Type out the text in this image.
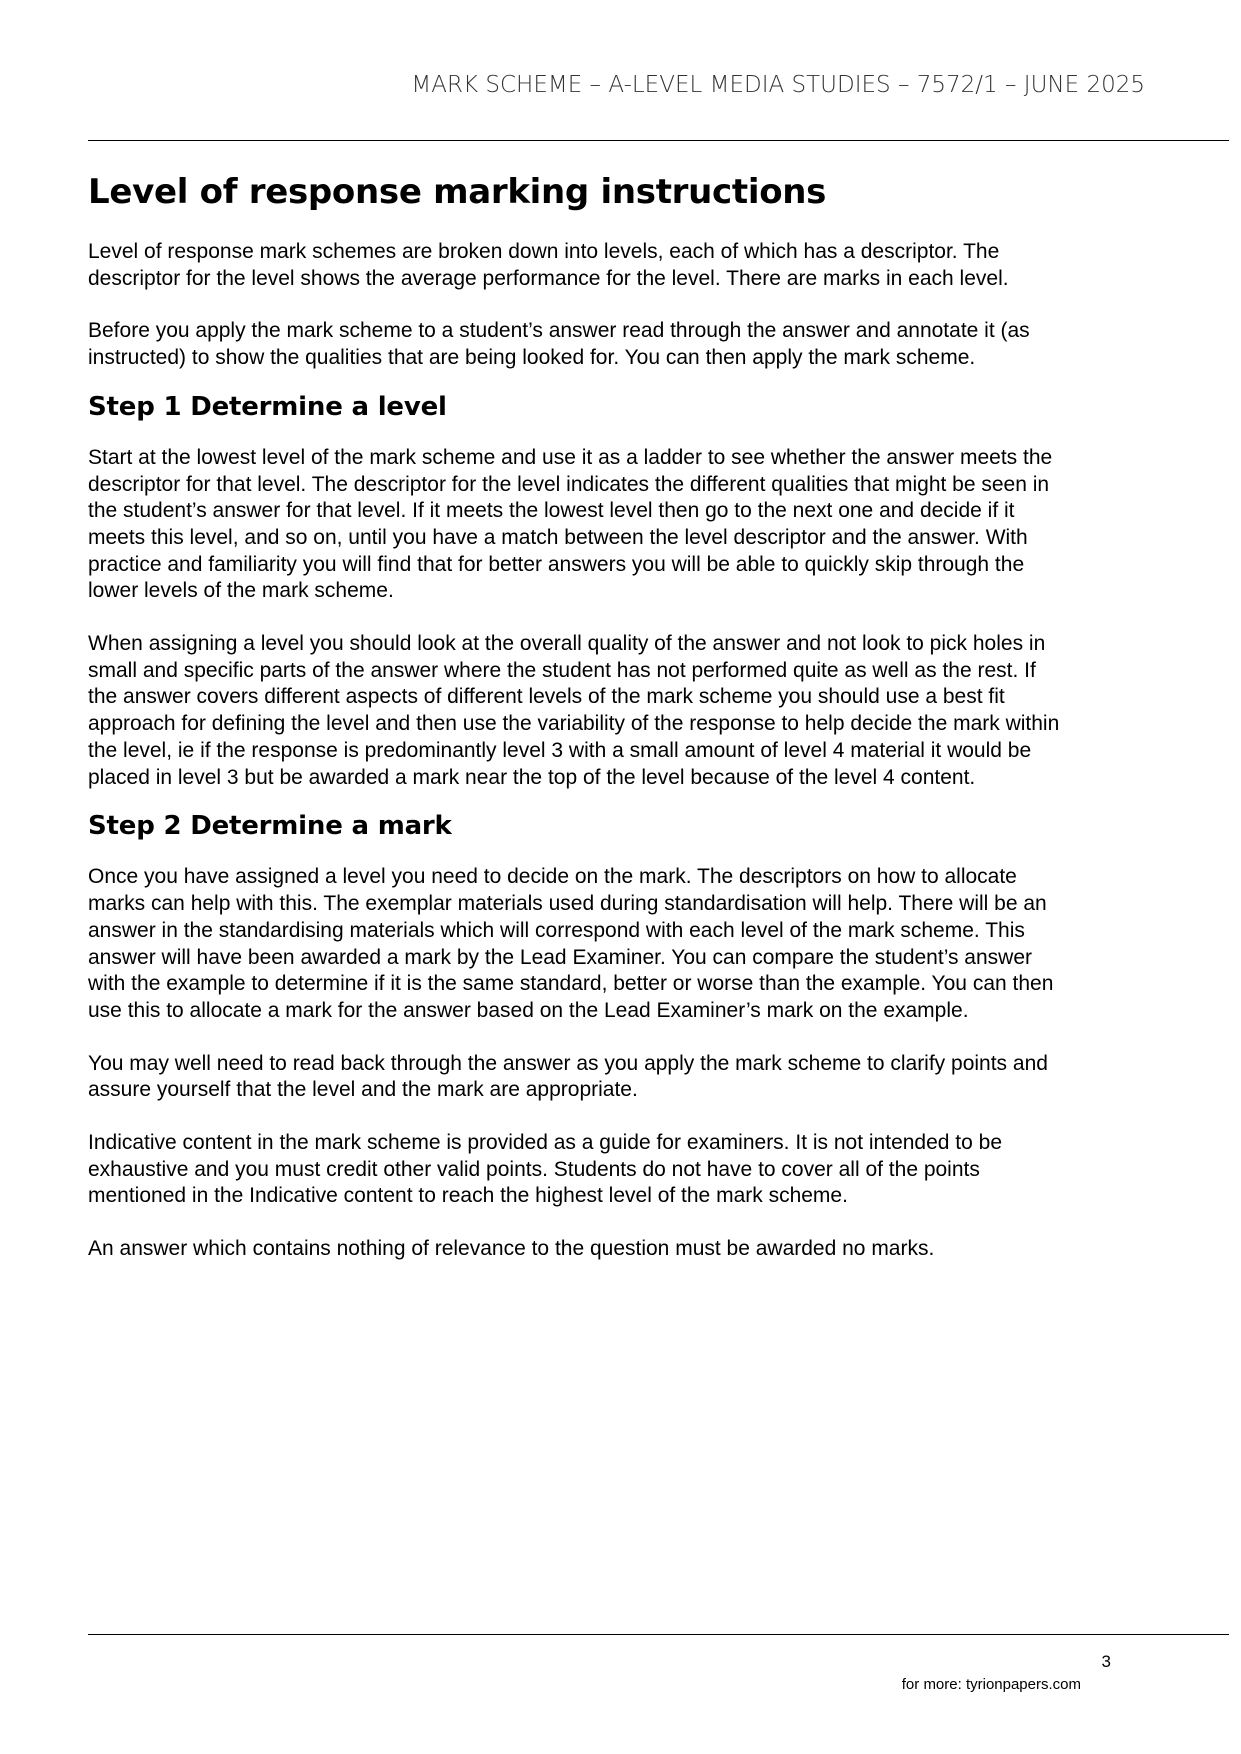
MARK SCHEME – A-LEVEL MEDIA STUDIES – 7572/1 – JUNE 2025
Level of response marking instructions

Level of response mark schemes are broken down into levels, each of which has a descriptor. The
descriptor for the level shows the average performance for the level. There are marks in each level.

Before you apply the mark scheme to a student’s answer read through the answer and annotate it (as
instructed) to show the qualities that are being looked for. You can then apply the mark scheme.

Step 1 Determine a level

Start at the lowest level of the mark scheme and use it as a ladder to see whether the answer meets the
descriptor for that level. The descriptor for the level indicates the different qualities that might be seen in
the student’s answer for that level. If it meets the lowest level then go to the next one and decide if it
meets this level, and so on, until you have a match between the level descriptor and the answer. With
practice and familiarity you will find that for better answers you will be able to quickly skip through the
lower levels of the mark scheme.

When assigning a level you should look at the overall quality of the answer and not look to pick holes in
small and specific parts of the answer where the student has not performed quite as well as the rest. If
the answer covers different aspects of different levels of the mark scheme you should use a best fit
approach for defining the level and then use the variability of the response to help decide the mark within
the level, ie if the response is predominantly level 3 with a small amount of level 4 material it would be
placed in level 3 but be awarded a mark near the top of the level because of the level 4 content.

Step 2 Determine a mark

Once you have assigned a level you need to decide on the mark. The descriptors on how to allocate
marks can help with this. The exemplar materials used during standardisation will help. There will be an
answer in the standardising materials which will correspond with each level of the mark scheme. This
answer will have been awarded a mark by the Lead Examiner. You can compare the student’s answer
with the example to determine if it is the same standard, better or worse than the example. You can then
use this to allocate a mark for the answer based on the Lead Examiner’s mark on the example.

You may well need to read back through the answer as you apply the mark scheme to clarify points and
assure yourself that the level and the mark are appropriate.

Indicative content in the mark scheme is provided as a guide for examiners. It is not intended to be
exhaustive and you must credit other valid points. Students do not have to cover all of the points
mentioned in the Indicative content to reach the highest level of the mark scheme.

An answer which contains nothing of relevance to the question must be awarded no marks.

3
for more: tyrionpapers.com
